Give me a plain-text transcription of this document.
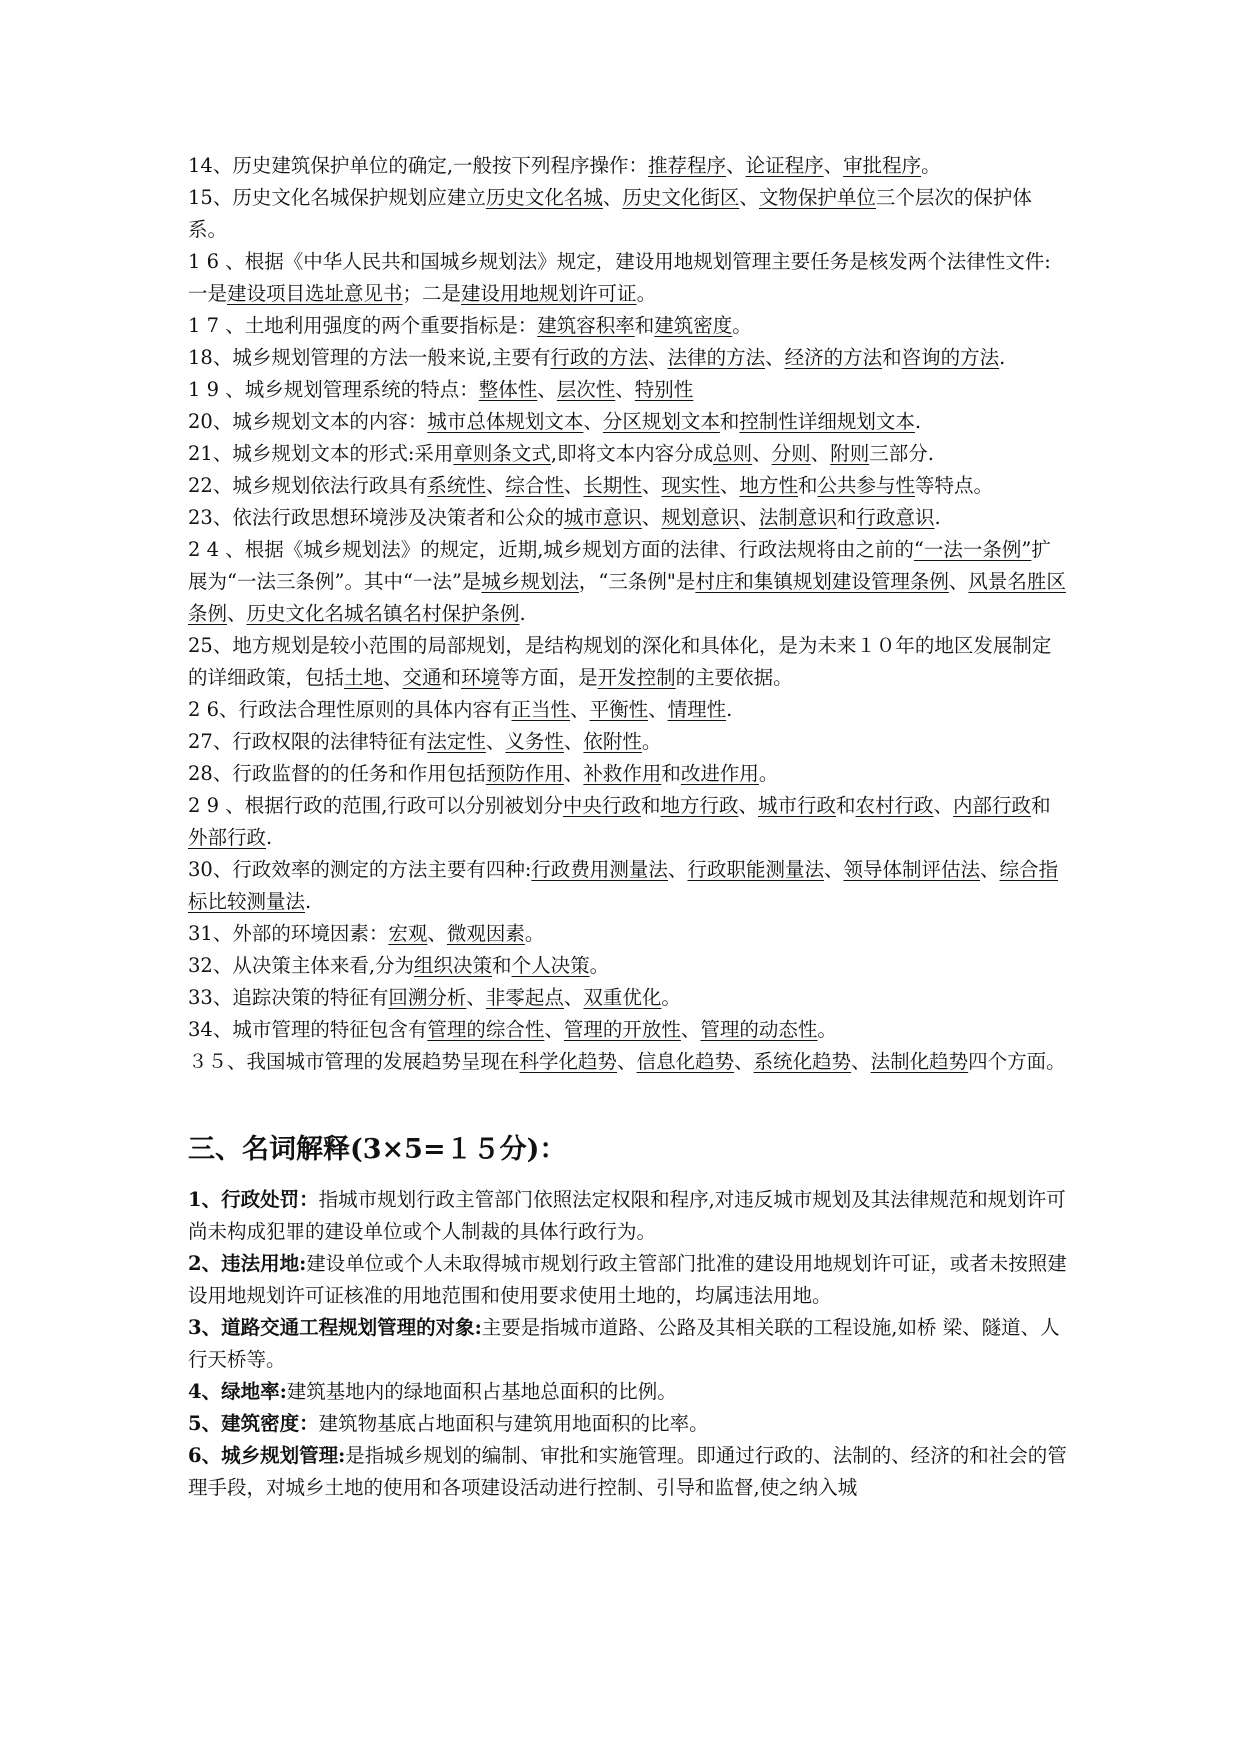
14、历史建筑保护单位的确定,一般按下列程序操作：推荐程序、论证程序、审批程序。

15、历史文化名城保护规划应建立历史文化名城、历史文化街区、文物保护单位三个层次的保护体系。

1 6 、根据《中华人民共和国城乡规划法》规定，建设用地规划管理主要任务是核发两个法律性文件:一是建设项目选址意见书；二是建设用地规划许可证。

1 7 、土地利用强度的两个重要指标是：建筑容积率和建筑密度。

18、城乡规划管理的方法一般来说,主要有行政的方法、法律的方法、经济的方法和咨询的方法.

1 9 、城乡规划管理系统的特点：整体性、层次性、特别性

20、城乡规划文本的内容：城市总体规划文本、分区规划文本和控制性详细规划文本.

21、城乡规划文本的形式:采用章则条文式,即将文本内容分成总则、分则、附则三部分.

22、城乡规划依法行政具有系统性、综合性、长期性、现实性、地方性和公共参与性等特点。

23、依法行政思想环境涉及决策者和公众的城市意识、规划意识、法制意识和行政意识.

2 4 、根据《城乡规划法》的规定，近期,城乡规划方面的法律、行政法规将由之前的“一法一条例”扩展为“一法三条例”。其中“一法”是城乡规划法，“三条例"是村庄和集镇规划建设管理条例、风景名胜区条例、历史文化名城名镇名村保护条例.

25、地方规划是较小范围的局部规划，是结构规划的深化和具体化，是为未来１０年的地区发展制定的详细政策，包括土地、交通和环境等方面，是开发控制的主要依据。

2 6、行政法合理性原则的具体内容有正当性、平衡性、情理性.

27、行政权限的法律特征有法定性、义务性、依附性。

28、行政监督的的任务和作用包括预防作用、补救作用和改进作用。

2 9 、根据行政的范围,行政可以分别被划分中央行政和地方行政、城市行政和农村行政、内部行政和外部行政.

30、行政效率的测定的方法主要有四种:行政费用测量法、行政职能测量法、领导体制评估法、综合指标比较测量法.

31、外部的环境因素：宏观、微观因素。

32、从决策主体来看,分为组织决策和个人决策。

33、追踪决策的特征有回溯分析、非零起点、双重优化。

34、城市管理的特征包含有管理的综合性、管理的开放性、管理的动态性。

３５、我国城市管理的发展趋势呈现在科学化趋势、信息化趋势、系统化趋势、法制化趋势四个方面。

三、名词解释(3×5=１５分)：

1、行政处罚：指城市规划行政主管部门依照法定权限和程序,对违反城市规划及其法律规范和规划许可尚未构成犯罪的建设单位或个人制裁的具体行政行为。

2、违法用地:建设单位或个人未取得城市规划行政主管部门批准的建设用地规划许可证，或者未按照建设用地规划许可证核准的用地范围和使用要求使用土地的，均属违法用地。

3、道路交通工程规划管理的对象:主要是指城市道路、公路及其相关联的工程设施,如桥 梁、隧道、人行天桥等。

4、绿地率:建筑基地内的绿地面积占基地总面积的比例。

5、建筑密度：建筑物基底占地面积与建筑用地面积的比率。

6、城乡规划管理:是指城乡规划的编制、审批和实施管理。即通过行政的、法制的、经济的和社会的管理手段，对城乡土地的使用和各项建设活动进行控制、引导和监督,使之纳入城
